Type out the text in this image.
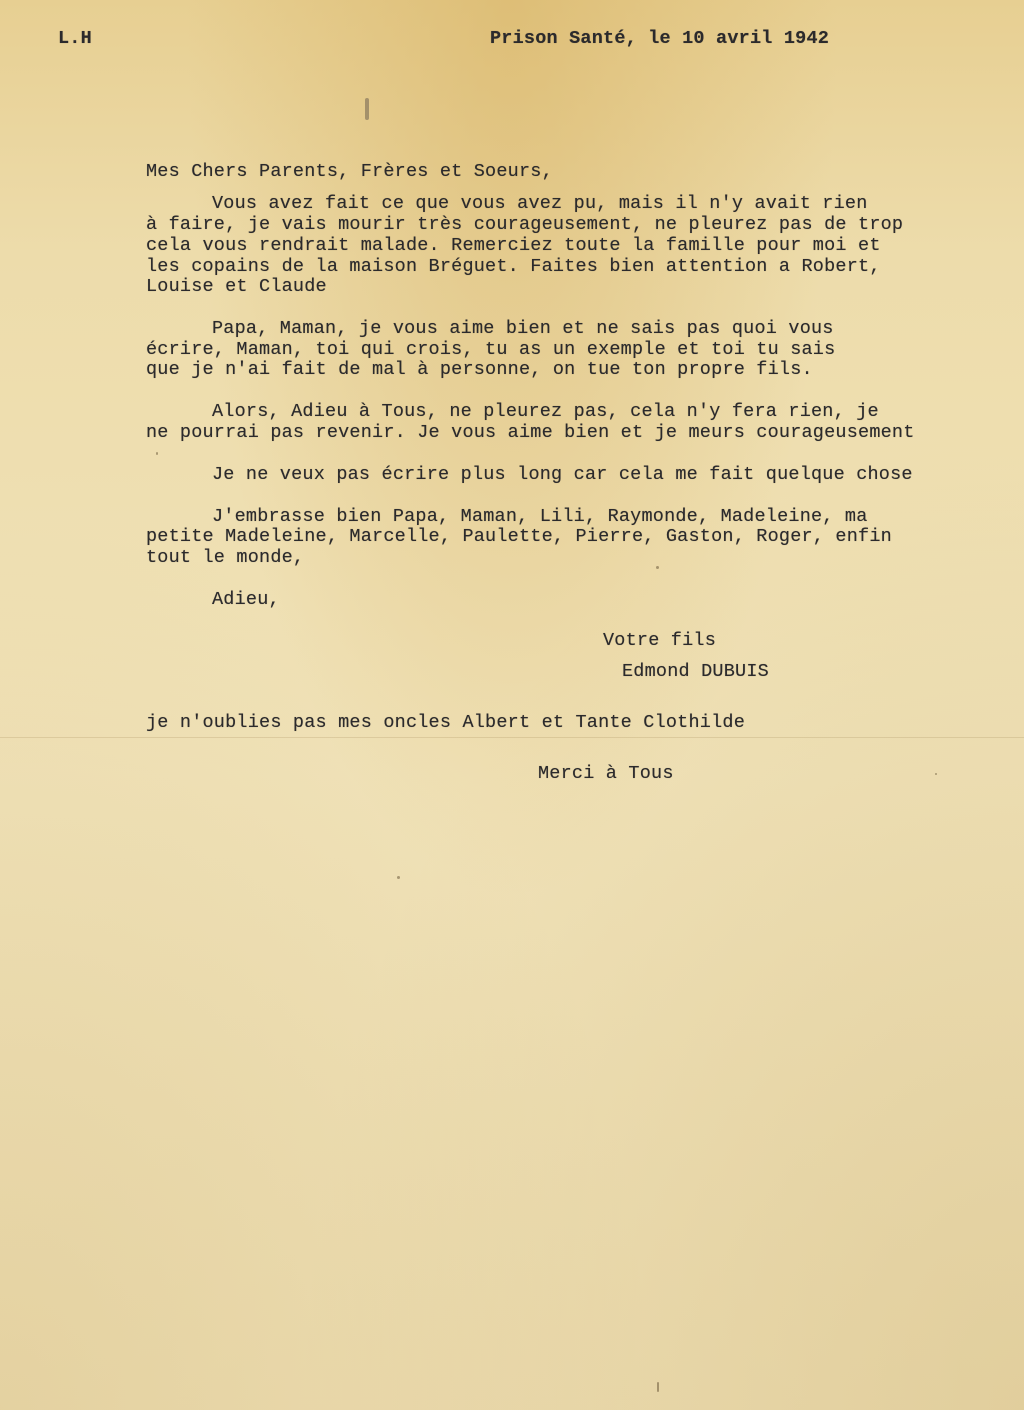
L.H	Prison Santé, le 10 avril 1942

Mes Chers Parents, Frères et Soeurs,

Vous avez fait ce que vous avez pu, mais il n'y avait rien

à faire, je vais mourir très courageusement, ne pleurez pas de trop

cela vous rendrait malade. Remerciez toute la famille pour moi et

les copains de la maison Bréguet. Faites bien attention a Robert,

Louise et Claude

Papa, Maman, je vous aime bien et ne sais pas quoi vous

écrire, Maman, toi qui crois, tu as un exemple et toi tu sais

que je n'ai fait de mal à personne, on tue ton propre fils.

Alors, Adieu à Tous, ne pleurez pas, cela n'y fera rien, je

ne pourrai pas revenir. Je vous aime bien et je meurs courageusement

Je ne veux pas écrire plus long car cela me fait quelque chose

J'embrasse bien Papa, Maman, Lili, Raymonde, Madeleine, ma

petite Madeleine, Marcelle, Paulette, Pierre, Gaston, Roger, enfin

tout le monde,

Adieu,

Votre fils

Edmond DUBUIS

je n'oublies pas mes oncles Albert et Tante Clothilde

Merci à Tous
